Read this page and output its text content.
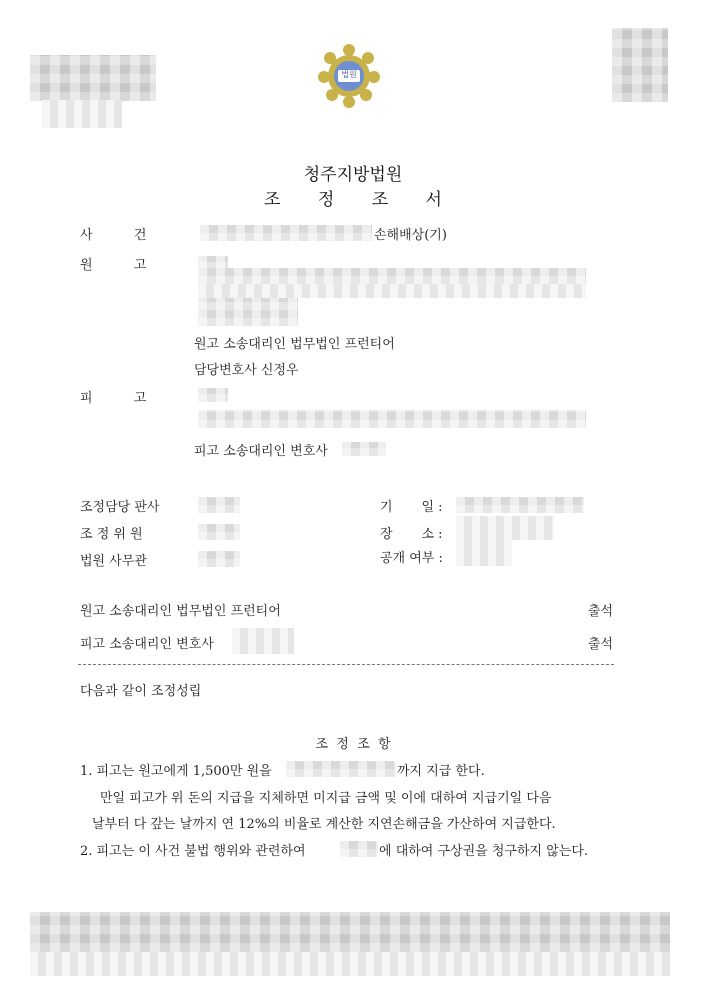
법원
청주지방법원
조 정 조 서
사          건	손해배상(기)
원          고
원고 소송대리인 법무법인 프런티어
담당변호사 신정우
피          고
피고 소송대리인 변호사
조정담당 판사	기       일 :
조 정 위 원	장       소 :
법원 사무관	공개 여부 :
원고 소송대리인 법무법인 프런티어	출석
피고 소송대리인 변호사	출석
다음과 같이 조정성립
조  정  조  항
1. 피고는 원고에게 1,500만 원을	까지 지급 한다.
만일 피고가 위 돈의 지급을 지체하면 미지급 금액 및 이에 대하여 지급기일 다음
날부터 다 갚는 날까지 연 12%의 비율로 계산한 지연손해금을 가산하여 지급한다.
2. 피고는 이 사건 불법 행위와 관련하여	에 대하여 구상권을 청구하지 않는다.
